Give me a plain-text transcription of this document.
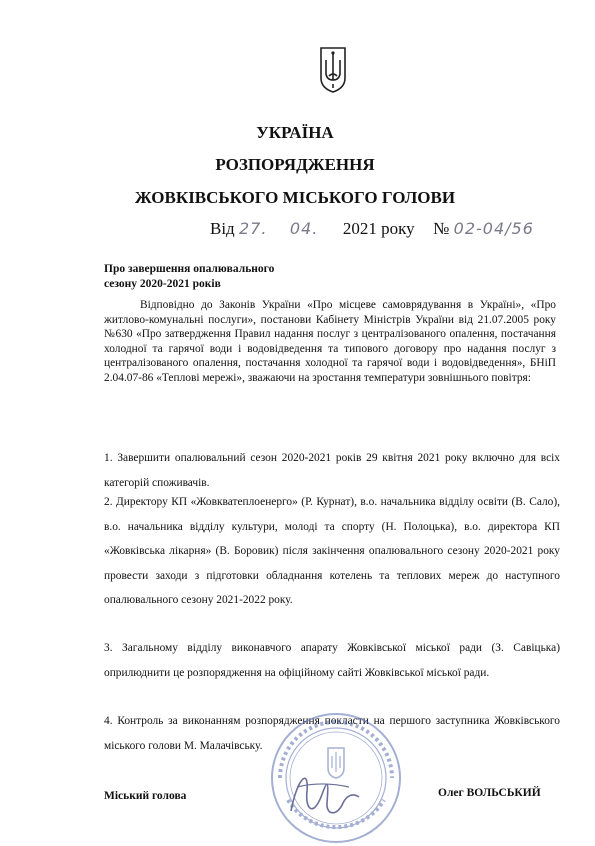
УКРАЇНА
РОЗПОРЯДЖЕННЯ
ЖОВКІВСЬКОГО МІСЬКОГО ГОЛОВИ
Від 27. 04. 2021 року № 02-04/56
Про завершення опалювального
сезону 2020-2021 років
Відповідно до Законів України «Про місцеве самоврядування в Україні», «Про житлово-комунальні послуги», постанови Кабінету Міністрів України від 21.07.2005 року №630 «Про затвердження Правил надання послуг з централізованого опалення, постачання холодної та гарячої води і водовідведення та типового договору про надання послуг з централізованого опалення, постачання холодної та гарячої води і водовідведення», БНіП 2.04.07-86 «Теплові мережі», зважаючи на зростання температури зовнішнього повітря:
1. Завершити опалювальний сезон 2020-2021 років 29 квітня 2021 року включно для всіх категорій споживачів.
2. Директору КП «Жовкватеплоенерго» (Р. Курнат), в.о. начальника відділу освіти (В. Сало), в.о. начальника відділу культури, молоді та спорту (Н. Полоцька), в.о. директора КП «Жовківська лікарня» (В. Боровик) після закінчення опалювального сезону 2020-2021 року провести заходи з підготовки обладнання котелень та теплових мереж до наступного опалювального сезону 2021-2022 року.
3. Загальному відділу виконавчого апарату Жовківської міської ради (З. Савіцька) оприлюднити це розпорядження на офіційному сайті Жовківської міської ради.
4. Контроль за виконанням розпорядження покласти на першого заступника Жовківського міського голови М. Малачівську.
Міський голова	Олег ВОЛЬСЬКИЙ
